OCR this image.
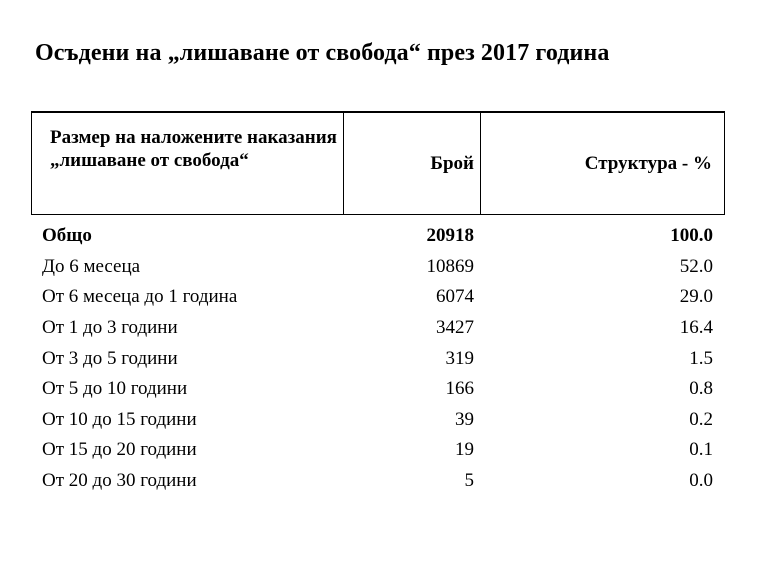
Осъдени на „лишаване от свобода“ през 2017 година
Размер на наложените наказания „лишаване от свобода“	Брой	Структура - %
Общо	20918	100.0
До 6 месеца	10869	52.0
От 6 месеца до 1 година	6074	29.0
От 1 до 3 години	3427	16.4
От 3 до 5 години	319	1.5
От 5 до 10 години	166	0.8
От 10 до 15 години	39	0.2
От 15 до 20 години	19	0.1
От 20 до 30 години	5	0.0
